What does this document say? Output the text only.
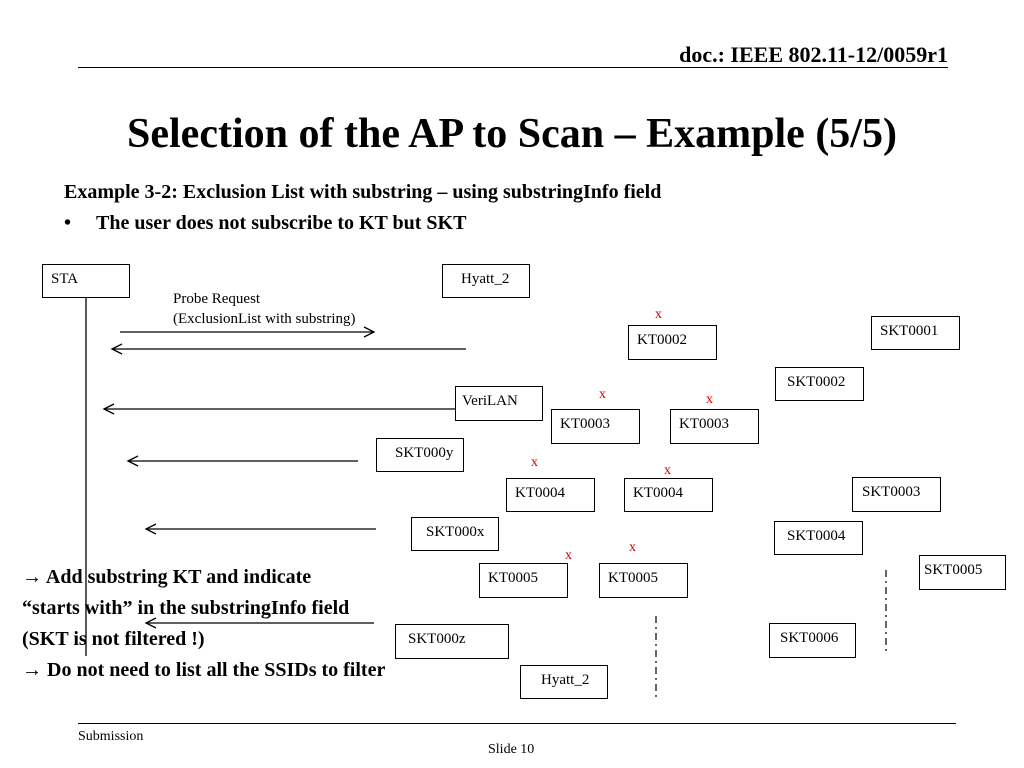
doc.: IEEE 802.11-12/0059r1
Selection of the AP to Scan – Example (5/5)
Example 3-2: Exclusion List with substring – using substringInfo field
• The user does not subscribe to KT but SKT
STA
Probe Request
(ExclusionList with substring)
Hyatt_2
VeriLAN
SKT000y
SKT000x
SKT000z
Hyatt_2
KT0002
KT0003	KT0003
KT0004	KT0004
KT0005	KT0005
SKT0001
SKT0002
SKT0003
SKT0004
SKT0005
SKT0006
x
x	x
x
x
x
x
→ Add substring KT and indicate
“starts with” in the substringInfo field
(SKT is not filtered !)
→ Do not need to list all the SSIDs to filter
Submission
Slide 10
